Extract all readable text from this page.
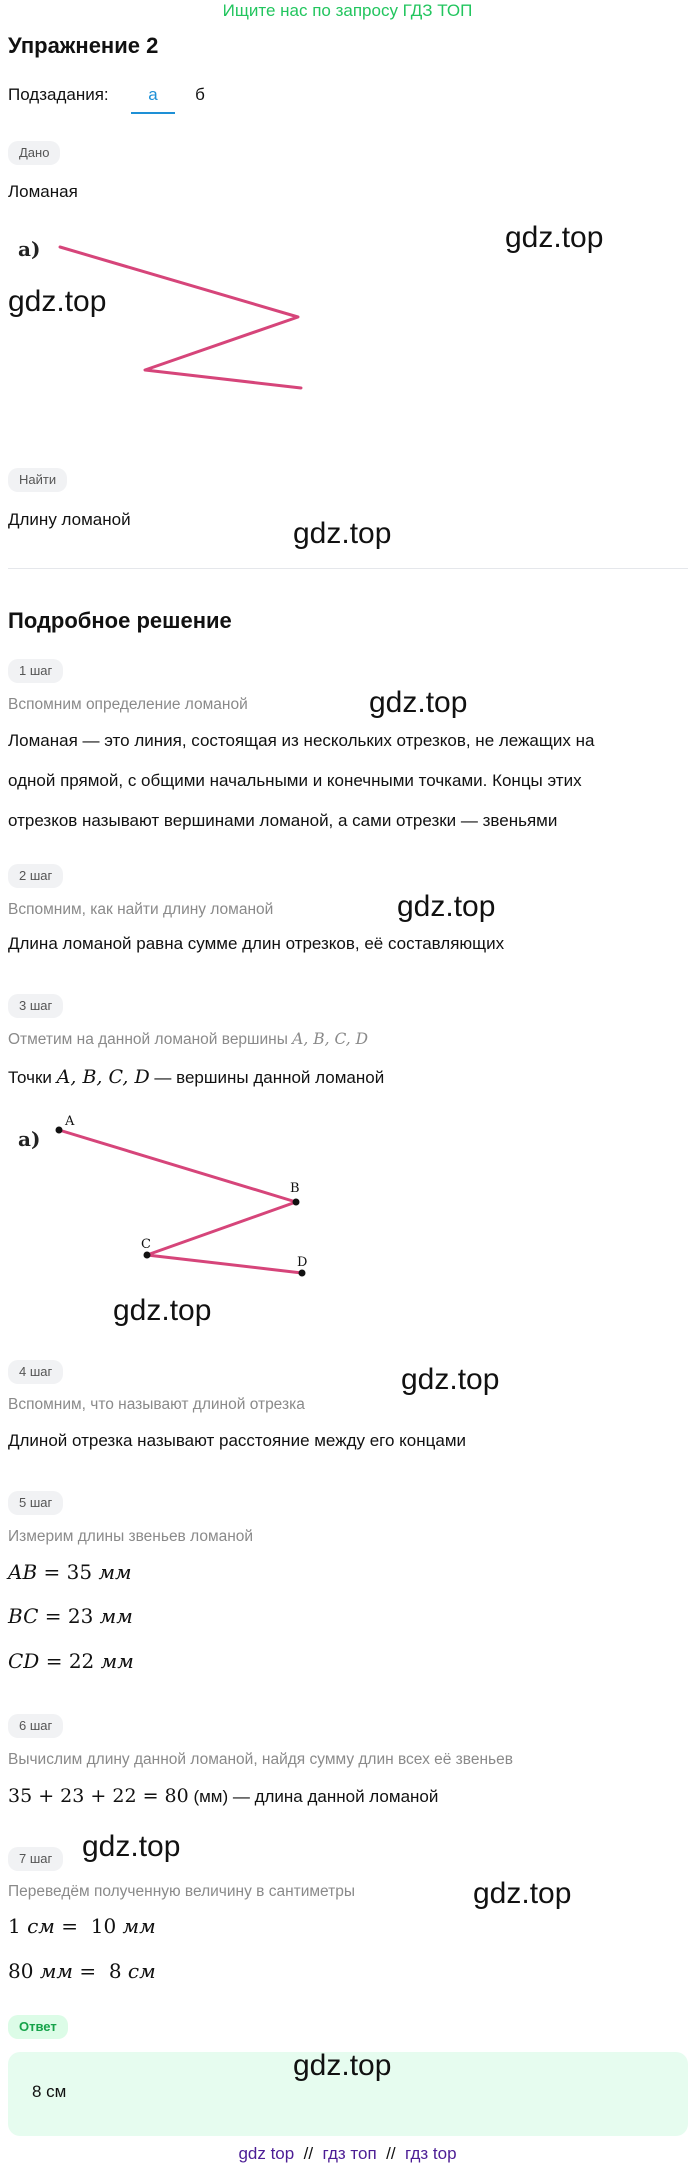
Ищите нас по запросу ГДЗ ТОП
Упражнение 2
Подзадания:	а	б
Дано
Ломаная
а)
Найти
Длину ломаной
Подробное решение
1 шаг
Вспомним определение ломаной
Ломаная — это линия, состоящая из нескольких отрезков, не лежащих на
одной прямой, с общими начальными и конечными точками. Концы этих
отрезков называют вершинами ломаной, а сами отрезки — звеньями
2 шаг
Вспомним, как найти длину ломаной
Длина ломаной равна сумме длин отрезков, её составляющих
3 шаг
Отметим на данной ломаной вершины A, B, C, D
Точки A, B, C, D — вершины данной ломаной
а)
A
B
C
D
4 шаг
Вспомним, что называют длиной отрезка
Длиной отрезка называют расстояние между его концами
5 шаг
Измерим длины звеньев ломаной
AB = 35 мм
BC = 23 мм
CD = 22 мм
6 шаг
Вычислим длину данной ломаной, найдя сумму длин всех её звеньев
35 + 23 + 22 = 80 (мм) — длина данной ломаной
7 шаг
Переведём полученную величину в сантиметры
1 см =  10 мм
80 мм =  8 см
Ответ
8 см
gdz.top
gdz.top
gdz.top
gdz.top
gdz.top
gdz.top
gdz.top
gdz.top
gdz.top
gdz.top
gdz top  //  гдз топ  //  гдз top
